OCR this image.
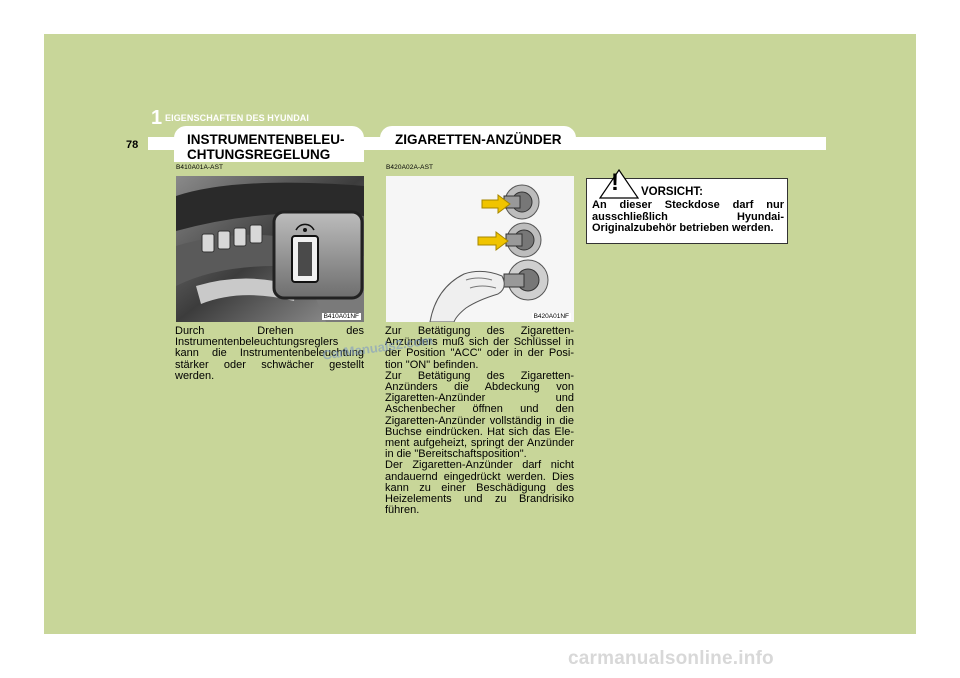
1 EIGENSCHAFTEN DES HYUNDAI
78	INSTRUMENTENBELEU-
CHTUNGSREGELUNG
B410A01A-AST
B410A01NF

Durch Drehen des Instrumentenbeleuchtungsreglers kann die Instrumentenbeleuchtung stärker oder schwächer gestellt werden.

ZIGARETTEN-ANZÜNDER
B420A02A-AST
B420A01NF

Zur Betätigung des Zigaretten-Anzünders muß sich der Schlüssel in der Position "ACC" oder in der Posi-tion "ON" befinden.

Zur Betätigung des Zigaretten-Anzünders die Abdeckung von Zigaretten-Anzünder und Aschenbecher öffnen und den Zigaretten-Anzünder vollständig in die Buchse eindrücken. Hat sich das Ele-ment aufgeheizt, springt der Anzünder in die "Bereitschaftsposition".

Der Zigaretten-Anzünder darf nicht andauernd eingedrückt werden. Dies kann zu einer Beschädigung des Heizelements und zu Brandrisiko führen.

! VORSICHT:

An dieser Steckdose darf nur ausschließlich Hyundai-Originalzubehör betrieben werden.

CarManuals2.com
carmanualsonline.info
